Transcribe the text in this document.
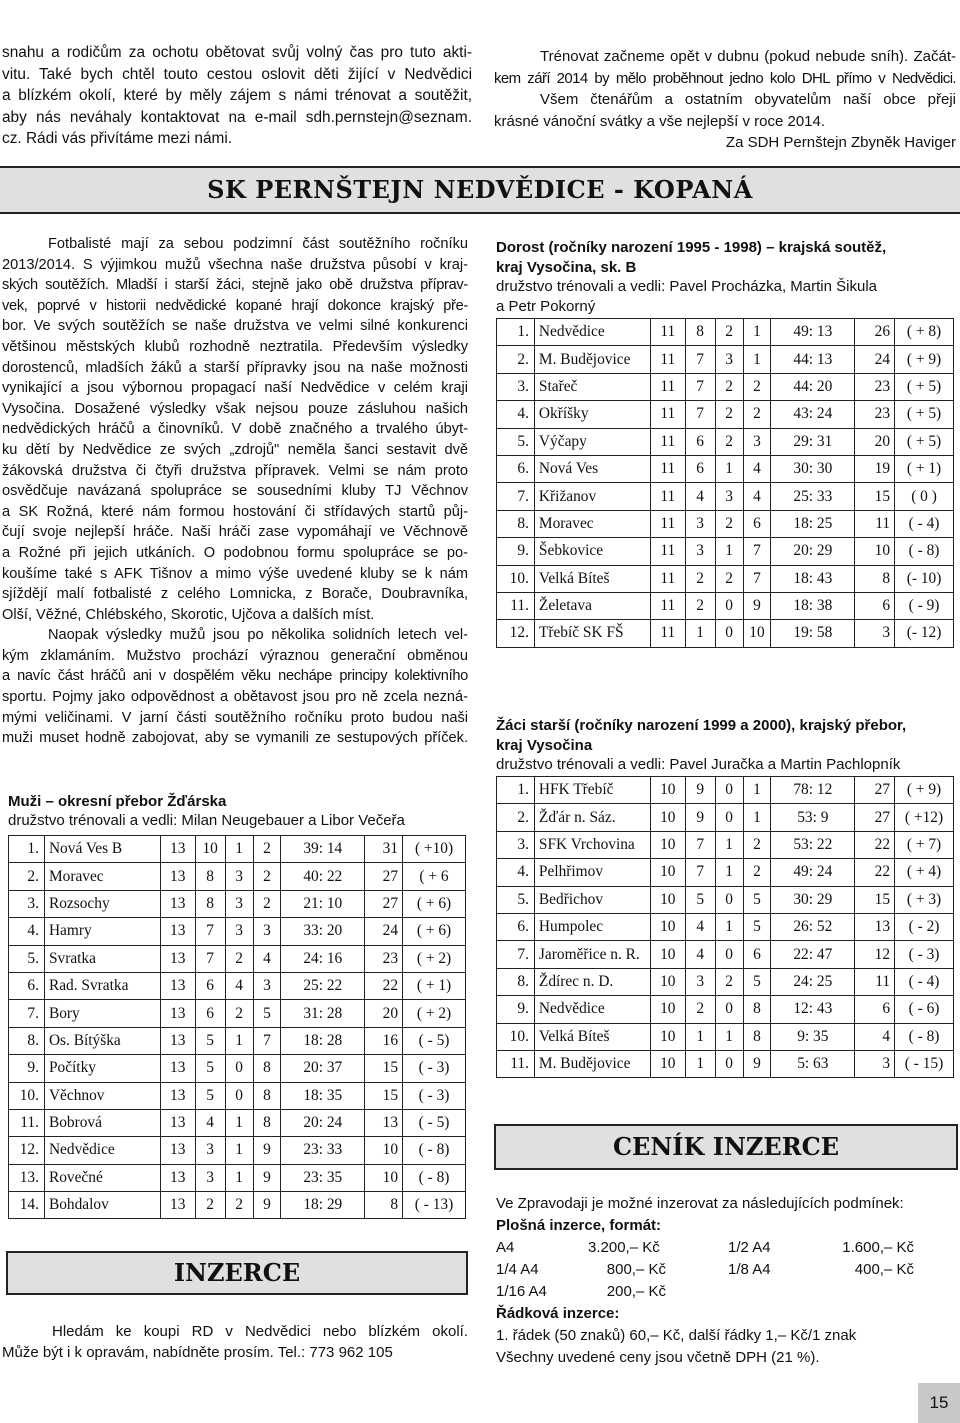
snahu a rodičům za ochotu obětovat svůj volný čas pro tuto akti-
vitu. Také bych chtěl touto cestou oslovit děti žijící v Nedvědici
a blízkém okolí, které by měly zájem s námi trénovat a soutěžit,
aby nás neváhaly kontaktovat na e-mail sdh.pernstejn@seznam.
cz. Rádi vás přivítáme mezi námi.
Trénovat začneme opět v dubnu (pokud nebude sníh). Začát-
kem září 2014 by mělo proběhnout jedno kolo DHL přímo v Nedvědici.
Všem čtenářům a ostatním obyvatelům naší obce přeji
krásné vánoční svátky a vše nejlepší v roce 2014.
Za SDH Pernštejn Zbyněk Haviger
SK PERNŠTEJN NEDVĚDICE - KOPANÁ
Fotbalisté mají za sebou podzimní část soutěžního ročníku
2013/2014. S výjimkou mužů všechna naše družstva působí v kraj-
ských soutěžích. Mladší i starší žáci, stejně jako obě družstva příprav-
vek, poprvé v historii nedvědické kopané hrají dokonce krajský pře-
bor. Ve svých soutěžích se naše družstva ve velmi silné konkurenci
většinou městských klubů rozhodně neztratila. Především výsledky
dorostenců, mladších žáků a starší přípravky jsou na naše možnosti
vynikající a jsou výbornou propagací naší Nedvědice v celém kraji
Vysočina. Dosažené výsledky však nejsou pouze zásluhou našich
nedvědických hráčů a činovníků. V době značného a trvalého úbyt-
ku dětí by Nedvědice ze svých „zdrojů" neměla šanci sestavit dvě
žákovská družstva či čtyři družstva přípravek. Velmi se nám proto
osvědčuje navázaná spolupráce se sousedními kluby TJ Věchnov
a SK Rožná, které nám formou hostování či střídavých startů půj-
čují svoje nejlepší hráče. Naši hráči zase vypomáhají ve Věchnově
a Rožné při jejich utkáních. O podobnou formu spolupráce se po-
koušíme také s AFK Tišnov a mimo výše uvedené kluby se k nám
sjíždějí malí fotbalisté z celého Lomnicka, z Borače, Doubravníka,
Olší, Věžné, Chlébského, Skorotic, Ujčova a dalších míst.
Naopak výsledky mužů jsou po několika solidních letech vel-
kým zklamáním. Mužstvo prochází výraznou generační obměnou
a navíc část hráčů ani v dospělém věku nechápe principy kolektivního
sportu. Pojmy jako odpovědnost a obětavost jsou pro ně zcela nezná-
mými veličinami. V jarní části soutěžního ročníku proto budou naši
muži muset hodně zabojovat, aby se vymanili ze sestupových příček.
Muži – okresní přebor Žďárska
družstvo trénovali a vedli: Milan Neugebauer a Libor Večeřa
1.	Nová Ves B	13	10	1	2	39: 14	31	( +10)
2.	Moravec	13	8	3	2	40: 22	27	( + 6
3.	Rozsochy	13	8	3	2	21: 10	27	( + 6)
4.	Hamry	13	7	3	3	33: 20	24	( + 6)
5.	Svratka	13	7	2	4	24: 16	23	( + 2)
6.	Rad. Svratka	13	6	4	3	25: 22	22	( + 1)
7.	Bory	13	6	2	5	31: 28	20	( + 2)
8.	Os. Bítýška	13	5	1	7	18: 28	16	( - 5)
9.	Počítky	13	5	0	8	20: 37	15	( - 3)
10.	Věchnov	13	5	0	8	18: 35	15	( - 3)
11.	Bobrová	13	4	1	8	20: 24	13	( - 5)
12.	Nedvědice	13	3	1	9	23: 33	10	( - 8)
13.	Rovečné	13	3	1	9	23: 35	10	( - 8)
14.	Bohdalov	13	2	2	9	18: 29	8	( - 13)
Dorost (ročníky narození 1995 - 1998) – krajská soutěž,
kraj Vysočina, sk. B
družstvo trénovali a vedli: Pavel Procházka, Martin Šikula
a Petr Pokorný
1.	Nedvědice	11	8	2	1	49: 13	26	( + 8)
2.	M. Budějovice	11	7	3	1	44: 13	24	( + 9)
3.	Stařeč	11	7	2	2	44: 20	23	( + 5)
4.	Okříšky	11	7	2	2	43: 24	23	( + 5)
5.	Výčapy	11	6	2	3	29: 31	20	( + 5)
6.	Nová Ves	11	6	1	4	30: 30	19	( + 1)
7.	Křižanov	11	4	3	4	25: 33	15	( 0 )
8.	Moravec	11	3	2	6	18: 25	11	( - 4)
9.	Šebkovice	11	3	1	7	20: 29	10	( - 8)
10.	Velká Bíteš	11	2	2	7	18: 43	8	(- 10)
11.	Želetava	11	2	0	9	18: 38	6	( - 9)
12.	Třebíč SK FŠ	11	1	0	10	19: 58	3	(- 12)
Žáci starší (ročníky narození 1999 a 2000), krajský přebor,
kraj Vysočina
družstvo trénovali a vedli: Pavel Juračka a Martin Pachlopník
1.	HFK Třebíč	10	9	0	1	78: 12	27	( + 9)
2.	Žďár n. Sáz.	10	9	0	1	53: 9	27	( +12)
3.	SFK Vrchovina	10	7	1	2	53: 22	22	( + 7)
4.	Pelhřimov	10	7	1	2	49: 24	22	( + 4)
5.	Bedřichov	10	5	0	5	30: 29	15	( + 3)
6.	Humpolec	10	4	1	5	26: 52	13	( - 2)
7.	Jaroměřice n. R.	10	4	0	6	22: 47	12	( - 3)
8.	Ždírec n. D.	10	3	2	5	24: 25	11	( - 4)
9.	Nedvědice	10	2	0	8	12: 43	6	( - 6)
10.	Velká Bíteš	10	1	1	8	9: 35	4	( - 8)
11.	M. Budějovice	10	1	0	9	5: 63	3	( - 15)
INZERCE
Hledám ke koupi RD v Nedvědici nebo blízkém okolí.
Může být i k opravám, nabídněte prosím. Tel.: 773 962 105
CENÍK INZERCE
Ve Zpravodaji je možné inzerovat za následujících podmínek:
Plošná inzerce, formát:
A4	3.200,– Kč	1/2 A4	1.600,– Kč
1/4 A4	800,– Kč	1/8 A4	400,– Kč
1/16 A4	200,– Kč
Řádková inzerce:
1. řádek (50 znaků) 60,– Kč, další řádky 1,– Kč/1 znak
Všechny uvedené ceny jsou včetně DPH (21 %).
15
